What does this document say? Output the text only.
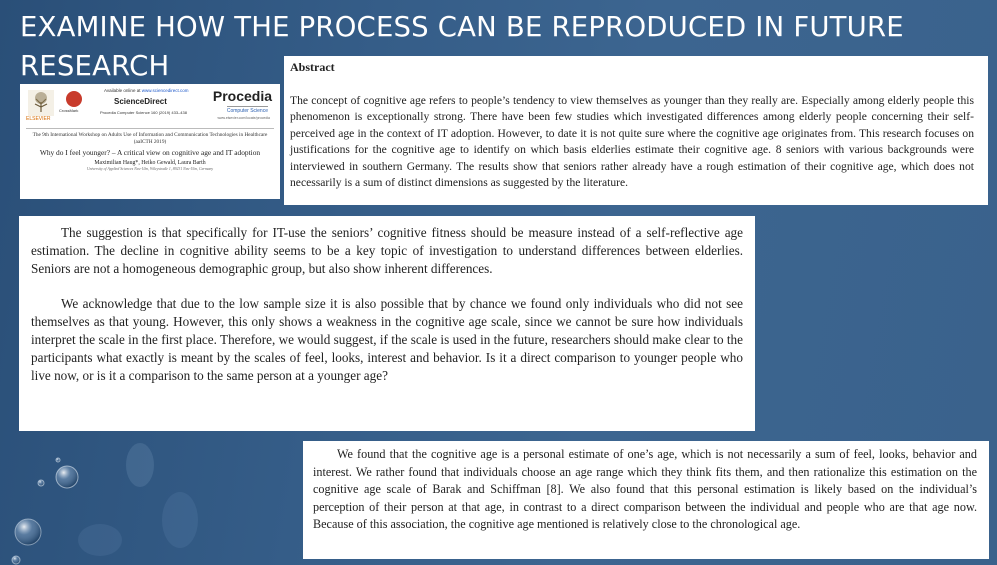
EXAMINE HOW THE PROCESS CAN BE REPRODUCED IN FUTURE RESEARCH
ELSEVIER
CrossMark
Available online at www.sciencedirect.com
ScienceDirect
Procedia Computer Science 160 (2019) 433–438
Procedia
Computer Science
www.elsevier.com/locate/procedia
The 9th International Workshop on Adults Use of Information and Communication Technologies in Healthcare (aaICTH 2019)
Why do I feel younger? – A critical view on cognitive age and IT adoption
Maximilian Haug*, Heiko Gewald, Laura Barth
University of Applied Sciences Neu-Ulm, Wileystraße 1, 89231 Neu-Ulm, Germany

Abstract

The concept of cognitive age refers to people’s tendency to view themselves as younger than they really are. Especially among elderly people this phenomenon is exceptionally strong. There have been few studies which investigated differences among elderly people concerning their self-perceived age in the context of IT adoption. However, to date it is not quite sure where the cognitive age originates from. This research focuses on justifications for the cognitive age to identify on which basis elderlies estimate their cognitive age. 8 seniors with various backgrounds were interviewed in southern Germany. The results show that seniors rather already have a rough estimation of their cognitive age, which does not necessarily is a sum of distinct dimensions as suggested by the literature.

The suggestion is that specifically for IT-use the seniors’ cognitive fitness should be measure instead of a self-reflective age estimation. The decline in cognitive ability seems to be a key topic of investigation to understand differences between elderlies. Seniors are not a homogeneous demographic group, but also show inherent differences.

We acknowledge that due to the low sample size it is also possible that by chance we found only individuals who did not see themselves as that young. However, this only shows a weakness in the cognitive age scale, since we cannot be sure how individuals interpret the scale in the first place. Therefore, we would suggest, if the scale is used in the future, researchers should make clear to the participants what exactly is meant by the scales of feel, looks, interest and behavior. Is it a direct comparison to younger people who live now, or is it a comparison to the same person at a younger age?

We found that the cognitive age is a personal estimate of one’s age, which is not necessarily a sum of feel, looks, behavior and interest. We rather found that individuals choose an age range which they think fits them, and then rationalize this estimation on the cognitive age scale of Barak and Schiffman [8]. We also found that this personal estimation is likely based on the individual’s perception of their person at that age, in contrast to a direct comparison between the individual and people who are that age now. Because of this association, the cognitive age mentioned is relatively close to the chronological age.
